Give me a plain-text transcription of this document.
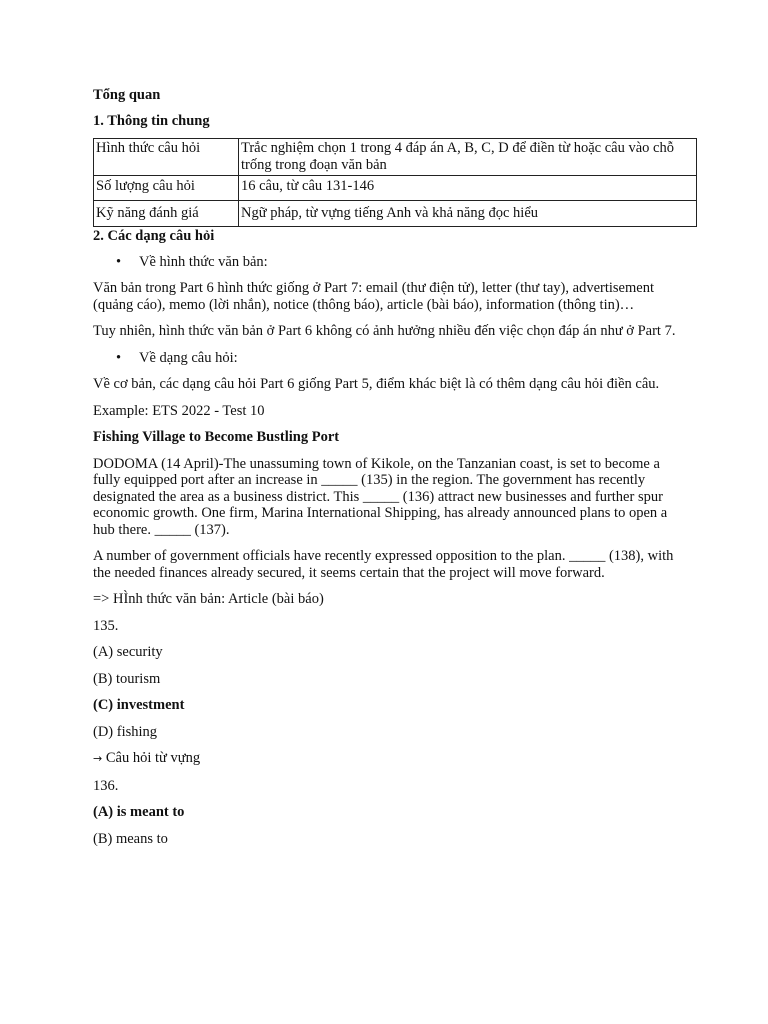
Tổng quan

1. Thông tin chung

Hình thức câu hỏi	Trắc nghiệm chọn 1 trong 4 đáp án A, B, C, D để điền từ hoặc câu vào chỗ trống trong đoạn văn bản
Số lượng câu hỏi	16 câu, từ câu 131-146
Kỹ năng đánh giá	Ngữ pháp, từ vựng tiếng Anh và khả năng đọc hiểu

2. Các dạng câu hỏi

•	Về hình thức văn bản:

Văn bản trong Part 6 hình thức giống ở Part 7: email (thư điện tử), letter (thư tay), advertisement (quảng cáo), memo (lời nhắn), notice (thông báo), article (bài báo), information (thông tin)…

Tuy nhiên, hình thức văn bản ở Part 6 không có ảnh hưởng nhiều đến việc chọn đáp án như ở Part 7.

•	Về dạng câu hỏi:

Về cơ bản, các dạng câu hỏi Part 6 giống Part 5, điểm khác biệt là có thêm dạng câu hỏi điền câu.

Example: ETS 2022 - Test 10

Fishing Village to Become Bustling Port

DODOMA (14 April)-The unassuming town of Kikole, on the Tanzanian coast, is set to become a fully equipped port after an increase in _____ (135) in the region. The government has recently designated the area as a business district. This _____ (136) attract new businesses and further spur economic growth. One firm, Marina International Shipping, has already announced plans to open a hub there. _____ (137).

A number of government officials have recently expressed opposition to the plan. _____ (138), with the needed finances already secured, it seems certain that the project will move forward.

=> HÌnh thức văn bản: Article (bài báo)

135.

(A) security

(B) tourism

(C) investment

(D) fishing

→ Câu hỏi từ vựng

136.

(A) is meant to

(B) means to
